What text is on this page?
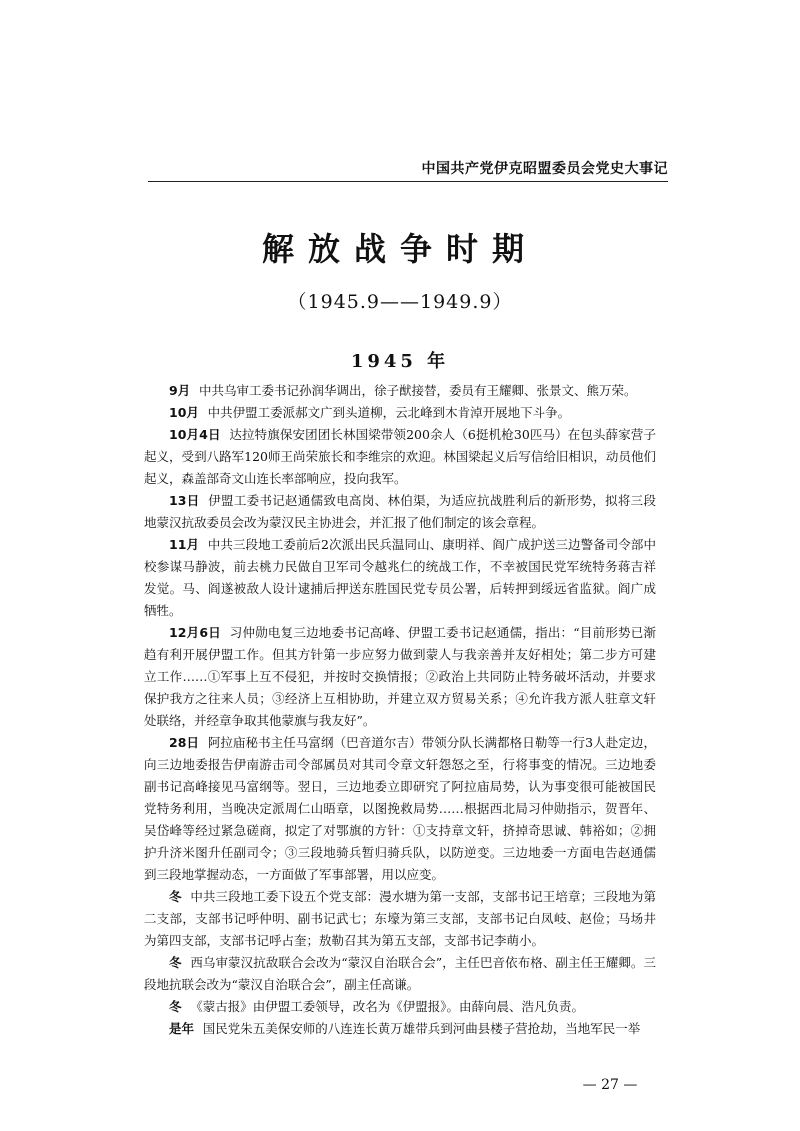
中国共产党伊克昭盟委员会党史大事记
解放战争时期
（1945.9——1949.9）
1945 年

9月 中共乌审工委书记孙润华调出，徐子猷接替，委员有王耀卿、张景文、熊万荣。

10月 中共伊盟工委派郝文广到头道柳，云北峰到木肯淖开展地下斗争。

10月4日 达拉特旗保安团团长林国梁带领200余人（6挺机枪30匹马）在包头薛家营子起义，受到八路军120师王尚荣旅长和李维宗的欢迎。林国梁起义后写信给旧相识，动员他们起义，森盖部奇文山连长率部响应，投向我军。

13日 伊盟工委书记赵通儒致电高岗、林伯渠，为适应抗战胜利后的新形势，拟将三段地蒙汉抗敌委员会改为蒙汉民主协进会，并汇报了他们制定的该会章程。

11月 中共三段地工委前后2次派出民兵温同山、康明祥、阎广成护送三边警备司令部中校参谋马静波，前去桃力民做自卫军司令越兆仁的统战工作，不幸被国民党军统特务蒋吉祥发觉。马、阎遂被敌人设计逮捕后押送东胜国民党专员公署，后转押到绥远省监狱。阎广成牺牲。

12月6日 习仲勋电复三边地委书记高峰、伊盟工委书记赵通儒，指出：“目前形势已渐趋有利开展伊盟工作。但其方针第一步应努力做到蒙人与我亲善并友好相处；第二步方可建立工作……①军事上互不侵犯，并按时交换情报；②政治上共同防止特务破坏活动，并要求保护我方之往来人员；③经济上互相协助，并建立双方贸易关系；④允许我方派人驻章文轩处联络，并经章争取其他蒙旗与我友好”。

28日 阿拉庙秘书主任马富纲（巴音道尔吉）带领分队长满都格日勒等一行3人赴定边，向三边地委报告伊南游击司令部属员对其司令章文轩怨怒之至，行将事变的情况。三边地委副书记高峰接见马富纲等。翌日，三边地委立即研究了阿拉庙局势，认为事变很可能被国民党特务利用，当晚决定派周仁山晤章，以图挽救局势……根据西北局习仲勋指示，贺晋年、吴岱峰等经过紧急磋商，拟定了对鄂旗的方针：①支持章文轩，挤掉奇思诚、韩裕如；②拥护升济米图升任副司令；③三段地骑兵暂归骑兵队，以防逆变。三边地委一方面电告赵通儒到三段地掌握动态，一方面做了军事部署，用以应变。

冬 中共三段地工委下设五个党支部：漫水塘为第一支部，支部书记王培章；三段地为第二支部，支部书记呼仲明、副书记武七；东壕为第三支部，支部书记白凤岐、赵俭；马场井为第四支部，支部书记呼占奎；敖勒召其为第五支部，支部书记李萌小。

冬 西乌审蒙汉抗敌联合会改为“蒙汉自治联合会”，主任巴音依布格、副主任王耀卿。三段地抗联会改为“蒙汉自治联合会”，副主任高谦。

冬 《蒙古报》由伊盟工委领导，改名为《伊盟报》。由薛向晨、浩凡负责。

是年 国民党朱五美保安师的八连连长黄万雄带兵到河曲县楼子营抢劫，当地军民一举

— 27 —
